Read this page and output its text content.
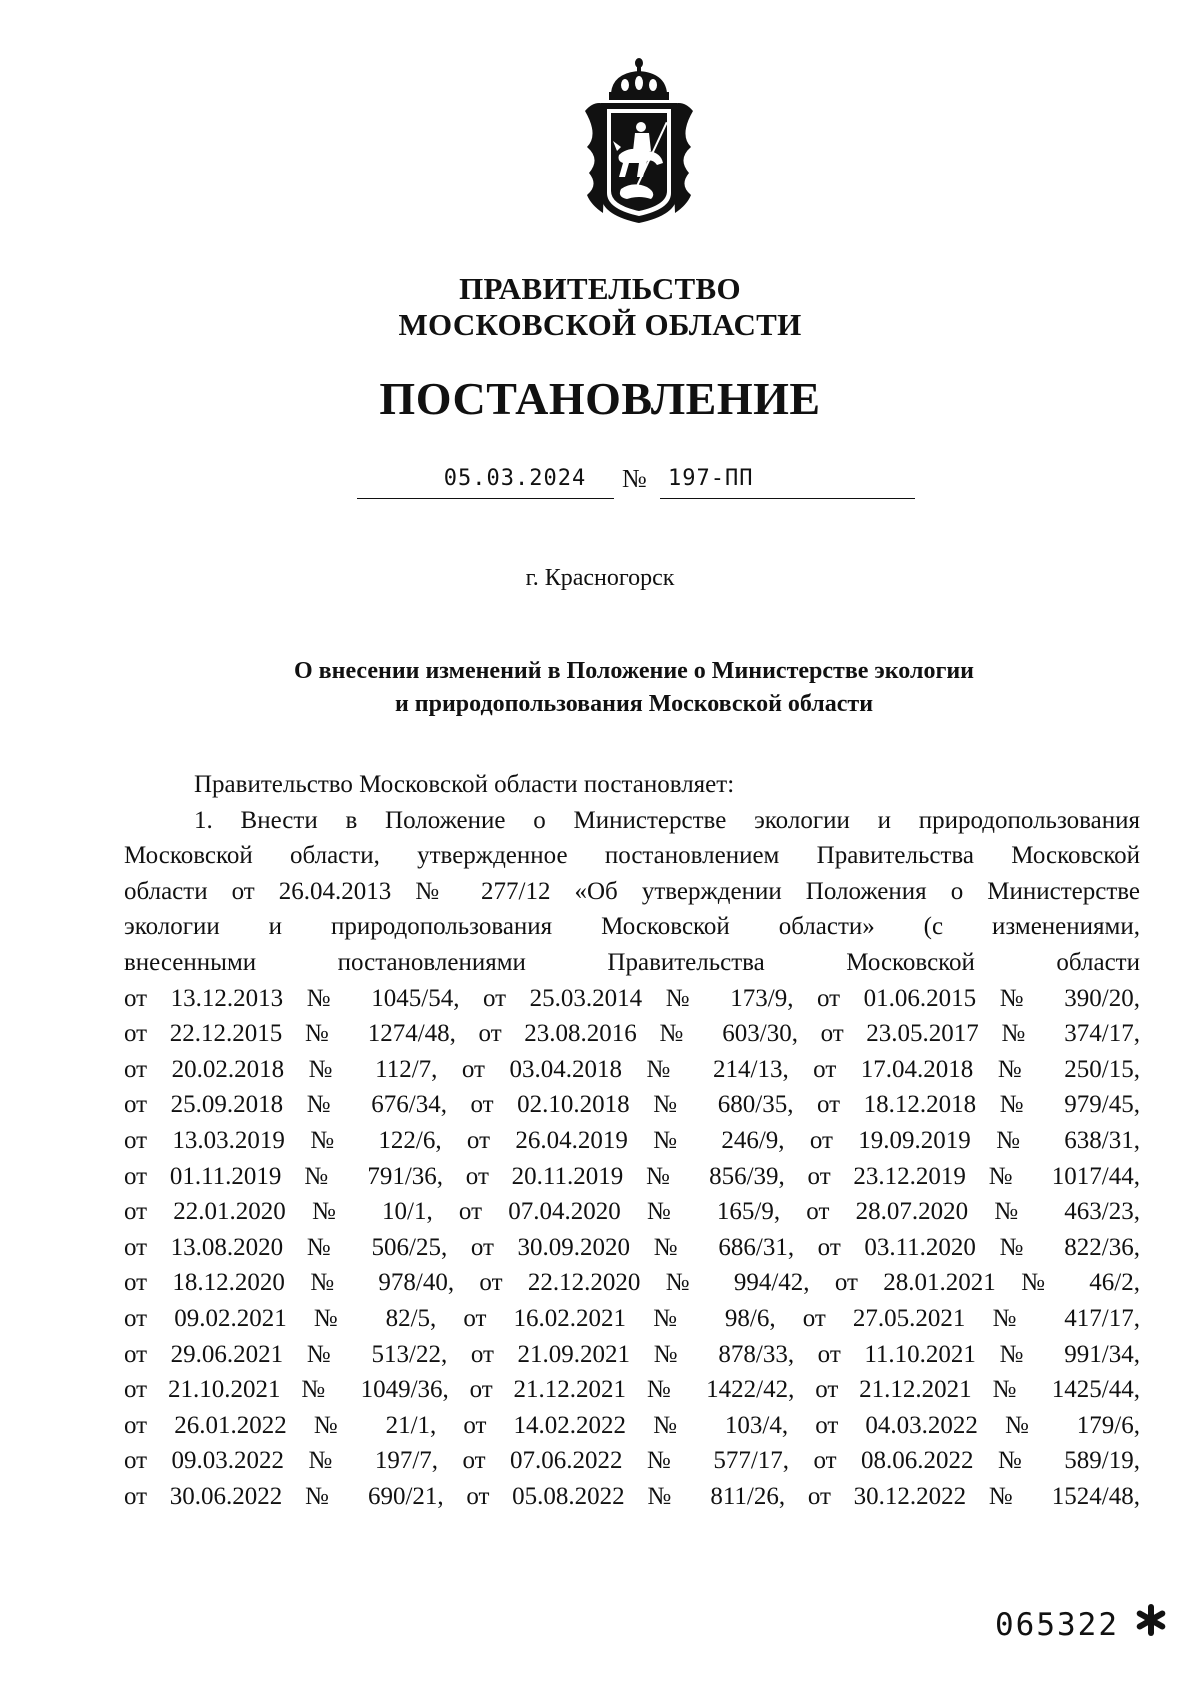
ПРАВИТЕЛЬСТВО
МОСКОВСКОЙ ОБЛАСТИ
ПОСТАНОВЛЕНИЕ
05.03.2024	№ 197-ПП
г. Красногорск
О внесении изменений в Положение о Министерстве экологии
и природопользования Московской области
Правительство Московской области постановляет:
1. Внести в Положение о Министерстве экологии и природопользования
Московской области, утвержденное постановлением Правительства Московской
области от 26.04.2013 № 277/12 «Об утверждении Положения о Министерстве
экологии и природопользования Московской области» (с изменениями,
внесенными постановлениями Правительства Московской области
от 13.12.2013 № 1045/54, от 25.03.2014 № 173/9, от 01.06.2015 № 390/20,
от 22.12.2015 № 1274/48, от 23.08.2016 № 603/30, от 23.05.2017 № 374/17,
от 20.02.2018 № 112/7, от 03.04.2018 № 214/13, от 17.04.2018 № 250/15,
от 25.09.2018 № 676/34, от 02.10.2018 № 680/35, от 18.12.2018 № 979/45,
от 13.03.2019 № 122/6, от 26.04.2019 № 246/9, от 19.09.2019 № 638/31,
от 01.11.2019 № 791/36, от 20.11.2019 № 856/39, от 23.12.2019 № 1017/44,
от 22.01.2020 № 10/1, от 07.04.2020 № 165/9, от 28.07.2020 № 463/23,
от 13.08.2020 № 506/25, от 30.09.2020 № 686/31, от 03.11.2020 № 822/36,
от 18.12.2020 № 978/40, от 22.12.2020 № 994/42, от 28.01.2021 № 46/2,
от 09.02.2021 № 82/5, от 16.02.2021 № 98/6, от 27.05.2021 № 417/17,
от 29.06.2021 № 513/22, от 21.09.2021 № 878/33, от 11.10.2021 № 991/34,
от 21.10.2021 № 1049/36, от 21.12.2021 № 1422/42, от 21.12.2021 № 1425/44,
от 26.01.2022 № 21/1, от 14.02.2022 № 103/4, от 04.03.2022 № 179/6,
от 09.03.2022 № 197/7, от 07.06.2022 № 577/17, от 08.06.2022 № 589/19,
от 30.06.2022 № 690/21, от 05.08.2022 № 811/26, от 30.12.2022 № 1524/48,
065322
